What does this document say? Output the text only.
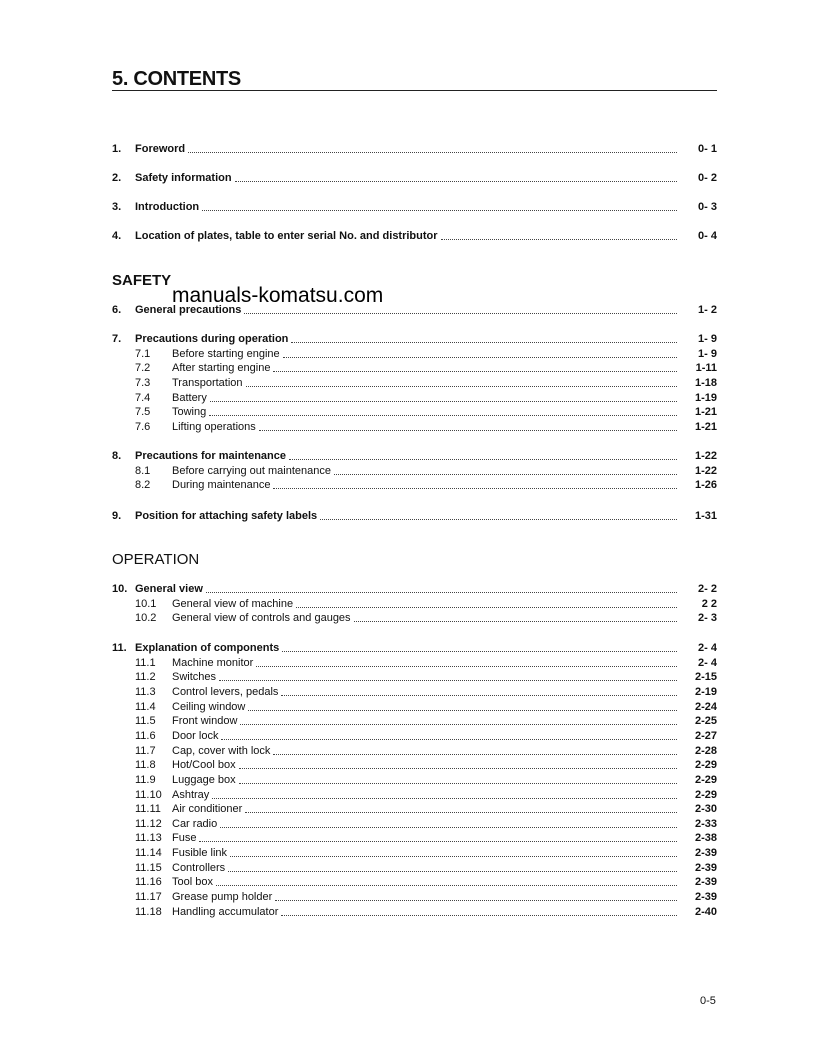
5. CONTENTS
manuals-komatsu.com
1.	Foreword	0- 1
2.	Safety information	0- 2
3.	Introduction	0- 3
4.	Location of plates, table to enter serial No. and distributor	0- 4
SAFETY
6.	General precautions	1- 2
7.	Precautions during operation	1- 9
7.1	Before starting engine	1- 9
7.2	After starting engine	1-11
7.3	Transportation	1-18
7.4	Battery	1-19
7.5	Towing	1-21
7.6	Lifting operations	1-21
8.	Precautions for maintenance	1-22
8.1	Before carrying out maintenance	1-22
8.2	During maintenance	1-26
9.	Position for attaching safety labels	1-31
OPERATION
10. General view	2- 2
10.1	General view of machine	2 2
10.2	General view of controls and gauges	2- 3
11. Explanation of components	2- 4
11.1	Machine monitor	2- 4
11.2	Switches	2-15
11.3	Control levers, pedals	2-19
11.4	Ceiling window	2-24
11.5	Front window	2-25
11.6	Door lock	2-27
11.7	Cap, cover with lock	2-28
11.8	Hot/Cool box	2-29
11.9	Luggage box	2-29
11.10 Ashtray	2-29
11.11	Air conditioner	2-30
11.12 Car radio	2-33
11.13 Fuse	2-38
11.14 Fusible link	2-39
11.15 Controllers	2-39
11.16 Tool box	2-39
11.17 Grease pump holder	2-39
11.18 Handling accumulator	2-40
0-5
